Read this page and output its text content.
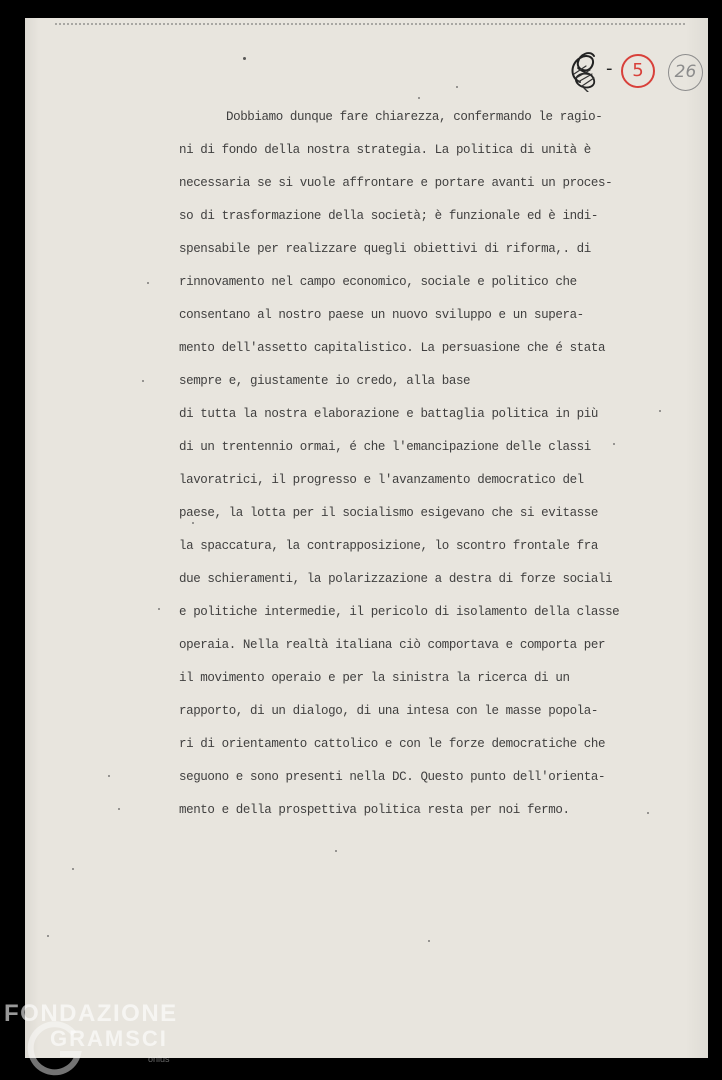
-	5	26
Dobbiamo dunque fare chiarezza, confermando le ragio-
ni di fondo della nostra strategia. La politica di unità è
necessaria se si vuole affrontare e portare avanti un proces-
so di trasformazione della società; è funzionale ed è indi-
spensabile per realizzare quegli obiettivi di riforma,. di
rinnovamento nel campo economico, sociale e politico che
consentano al nostro paese un nuovo sviluppo e un supera-
mento dell'assetto capitalistico. La persuasione che é stata
sempre e, giustamente io credo, alla base
di tutta la nostra elaborazione e battaglia politica in più
di un trentennio ormai, é che l'emancipazione delle classi
lavoratrici, il progresso e l'avanzamento democratico del
paese, la lotta per il socialismo esigevano che si evitasse
la spaccatura, la contrapposizione, lo scontro frontale fra
due schieramenti, la polarizzazione a destra di forze sociali
e politiche intermedie, il pericolo di isolamento della classe
operaia. Nella realtà italiana ciò comportava e comporta per
il movimento operaio e per la sinistra la ricerca di un
rapporto, di un dialogo, di una intesa con le masse popola-
ri di orientamento cattolico e con le forze democratiche che
seguono e sono presenti nella DC. Questo punto dell'orienta-
mento e della prospettiva politica resta per noi fermo.
FONDAZIONE
GRAMSCI
onlus
